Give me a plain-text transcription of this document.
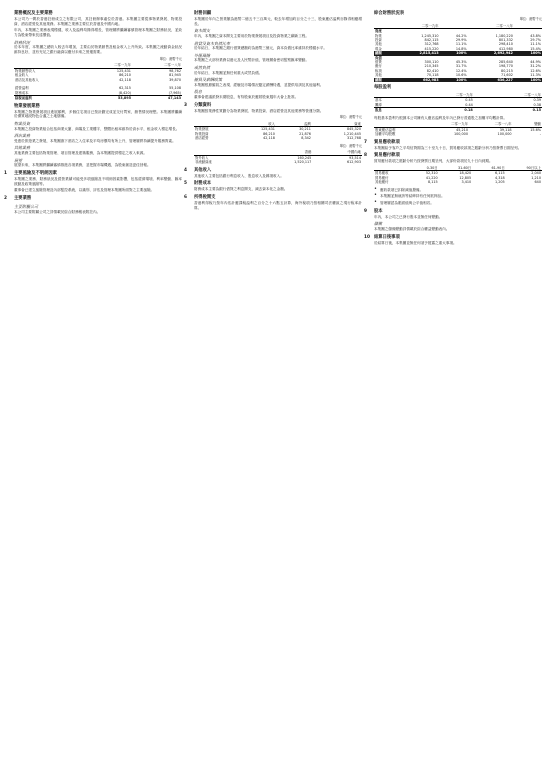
業務概況及主要業務

本公司乃一間於香港註冊成立之有限公司，其註冊辦事處位於香港。本集團主要從事物業發展、物業投資、酒店經營及其他業務。本集團之業務主要位於香港及中國內地。

年內，本集團之業務表現穩健，收入及溢利均錄得增長，管理層將繼續審慎管理本集團之財務狀況，並致力為股東帶來長遠價值。

財務狀況

於本年度，本集團之總收入較去年增加，主要由於物業銷售及租金收入上升所致。本集團之流動資金狀況維持良好，並有充足之銀行融資以應付未來之營運需要。

單位：港幣千元
	二零一九年	二零一八年
物業銷售收入	125,431	98,762
租金收入	86,210	81,945
酒店及其他收入	42,118	39,870

經營溢利	62,315	55,108
財務成本	(8,420)	(7,965)
除稅前溢利	53,895	47,143
物業發展業務

本集團之物業發展項目進展順利，多個住宅項目已按計劃完成並交付買家，銷售情況理想。本集團將繼續於優質地段物色合適之土地儲備。

物業投資

本集團之投資物業組合包括商業大廈、商場及工業樓宇，整體出租率維持於高水平，租金收入穩定增長。

酒店業務

受惠於旅遊業之發展，本集團旗下酒店之入住率及平均房價均有所上升，管理層將持續提升服務質素。

其他業務

其他業務主要包括物業管理、項目管理及建築服務，為本集團提供穩定之收入來源。

展望

展望未來，本集團將繼續審慎推進各項業務，並把握市場機遇，為股東創造更佳回報。

1 主要風險及不明朗因素

本集團之業務、財務狀況及經營業績可能受多項風險及不明朗因素影響，包括經濟環境、利率變動、匯率波動及政策風險等。

董事會已建立風險管理及內部監控系統，以識別、評估及管理本集團所面對之主要風險。

2 主要業務
主要附屬公司

本公司主要附屬公司之詳情載於綜合財務報表附註內。

財務回顧

本集團於年內之營業額為港幣二億五千三百萬元，較去年增加約百分之十三，股東應佔溢利亦錄得相應增長。

資本開支

年內，本集團之資本開支主要用於物業發展項目及投資物業之翻新工程。

借貸及資本負債比率

於年結日，本集團之銀行借貸總額約為港幣三億元，資本負債比率維持於穩健水平。

外匯風險

本集團之大部份業務以港元及人民幣計值，管理層會密切監察匯率變動。

或然負債

於年結日，本集團並無任何重大或然負債。

僱員及薪酬政策

本集團根據僱員之表現、經驗及市場情況釐定薪酬待遇，並提供培訓及其他福利。

股息

董事會建議派發末期股息，有待股東於應屆股東週年大會上批准。

3 分類資料

本集團按業務性質劃分為物業發展、物業投資、酒店經營及其他業務等營運分類。

單位：港幣千元
	收入	溢利	資產
物業發展	125,431	30,211	845,320
物業投資	86,210	21,876	1,210,445
酒店經營	42,118	8,342	312,768
單位：港幣千元
	香港	中國內地
對外收入	160,245	93,514
非流動資產	1,520,117	612,903
4 其他收入

其他收入主要包括銀行利息收入、股息收入及雜項收入。

5 財務成本

財務成本主要為銀行借貸之利息開支，減去資本化之金額。

6 所得稅開支

香港利得稅乃按年內估計應課稅溢利之百分之十六點五計算，海外稅項乃按相關司法權區之現行稅率計算。

綜合財務狀況表
單位：港幣千元
	二零一九年		二零一八年	
資產				
物業	1,245,310	44.2%	1,180,220	43.8%
投資	842,115	29.9%	801,332	29.7%
其他	312,768	11.1%	298,410	11.1%
現金	415,220	14.8%	412,980	15.4%
總額	2,815,413	100%	2,692,942	100%
負債				
借貸	300,110	45.3%	285,640	44.9%
應付	210,345	31.7%	198,770	31.2%
稅項	82,410	12.4%	80,215	12.6%
其他	70,118	10.6%	71,602	11.3%
總額	662,983	100%	636,227	100%
每股盈利
	二零一九年	二零一八年
基本	0.45	0.39
攤薄	0.44	0.38
股息	0.18	0.15

每股基本盈利乃根據本公司擁有人應佔溢利及年內已發行普通股之加權平均數計算。

	二零一九年	二零一八年	變動
股東應佔溢利	45,210	39,118	15.6%
加權平均股數	100,000	100,000	-
7 貿易應收款項

本集團給予客戶之平均信貸期為三十至九十日，貿易應收款項之賬齡分析乃按發票日期呈列。

8 貿易應付款項

貿易應付款項之賬齡分析乃按發票日期呈列，大部份款項於九十日內到期。

	0-30日	31-60日	61-90日	90日以上
貿易應收	52,310	18,420	6,115	2,040
貿易應付	41,220	12,805	4,318	1,210
其他應付	8,115	3,410	1,205	640
• 應收款項已扣除減值撥備。
• 本集團並無就該等結餘持有任何抵押品。
• 管理層認為賬面值與公平值相若。
9 股本

年內，本公司之已發行股本並無任何變動。

儲備

本集團之儲備變動詳情載於綜合權益變動表內。

10 結算日後事項

於結算日後，本集團並無任何須予披露之重大事項。
